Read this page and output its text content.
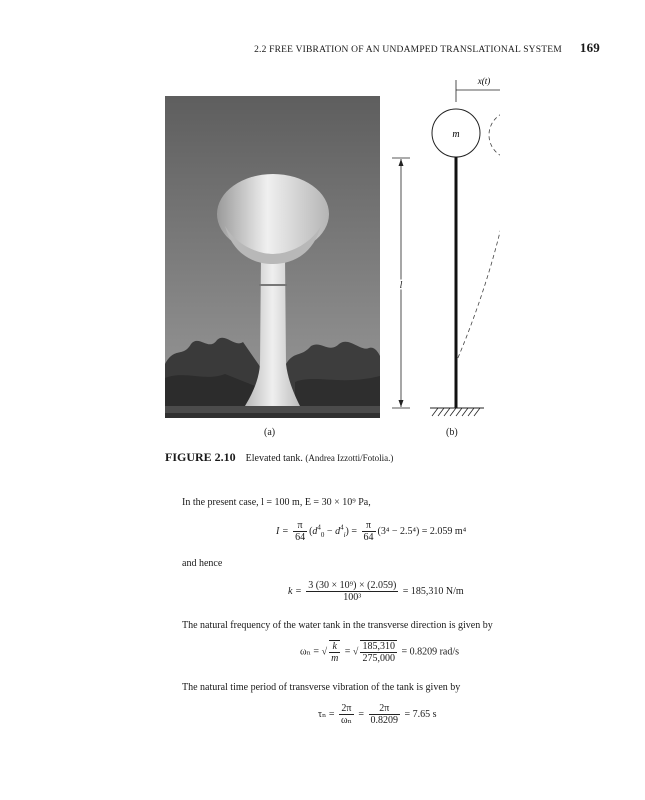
2.2 FREE VIBRATION OF AN UNDAMPED TRANSLATIONAL SYSTEM 169
x(t)
m
l
(a)	(b)
FIGURE 2.10 Elevated tank. (Andrea Izzotti/Fotolia.)
In the present case, l = 100 m, E = 30 × 10⁹ Pa,
$I = \frac{\pi}{64} (d^4_0 - d^4_i) = \frac{\pi}{64} (3^4 - 2.5^4) = 2.059$ m⁴
and hence
$k = \frac{\text{3 (30 × 10⁹) × (2.059)}}{\text{100³}} = 185,310$ N/m
The natural frequency of the water tank in the transverse direction is given by
ωₙ = √ $\frac{k}{m}$ = √ $\frac{185,310}{275,000} = 0.8209$ rad/s
The natural time period of transverse vibration of the tank is given by
$\tau_n = \frac{2\pi}{\text{ωₙ}} = \frac{2\pi}{0.8209} = 7.65$ s
